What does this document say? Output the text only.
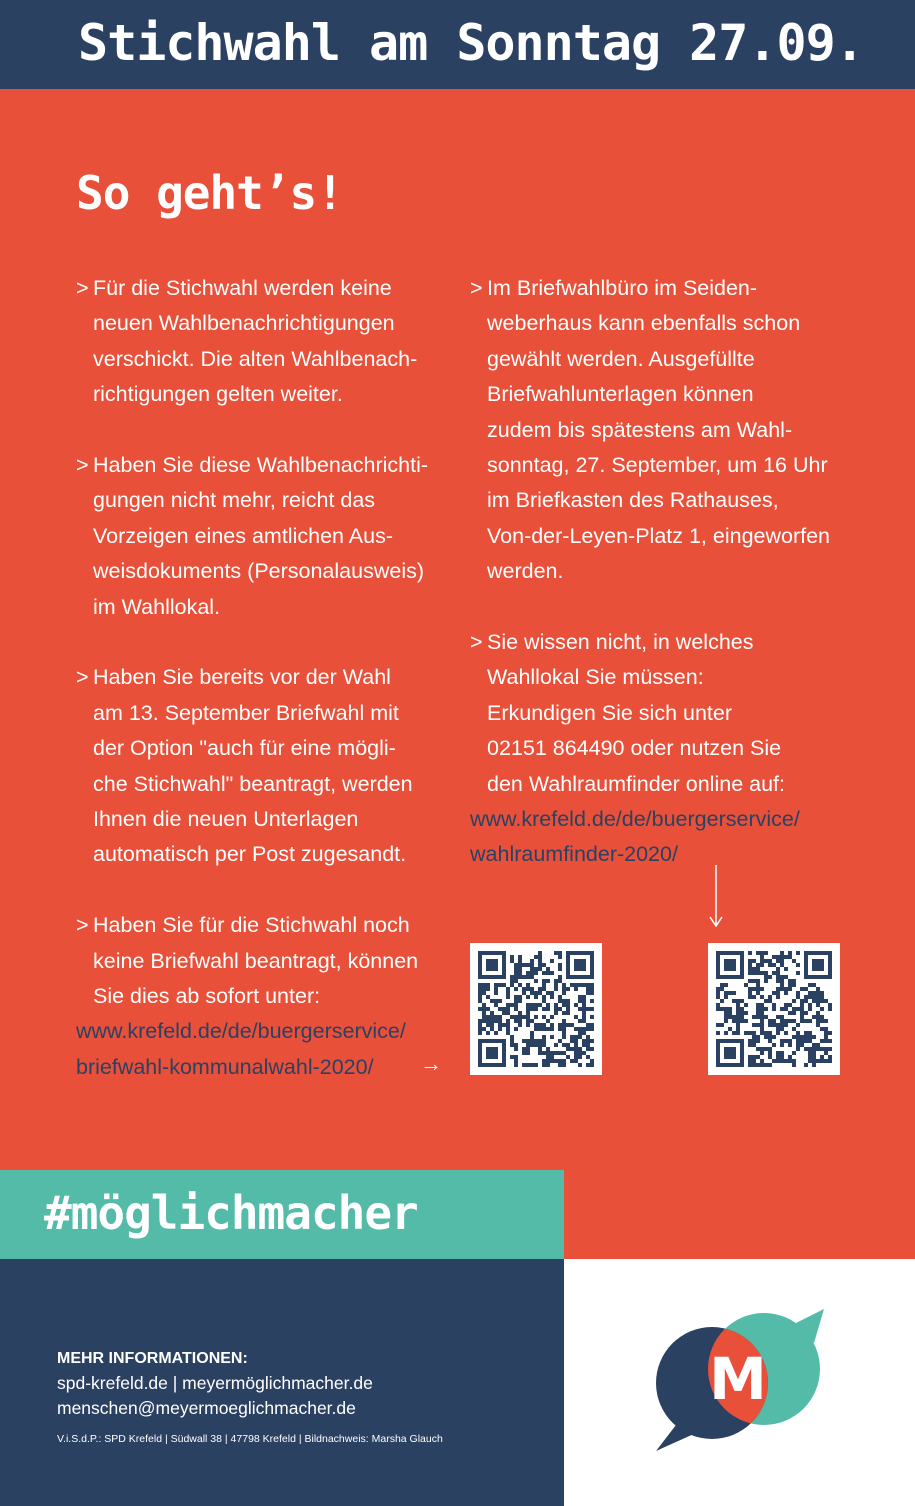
Stichwahl am Sonntag 27.09.
So geht’s!
> Für die Stichwahl werden keine
neuen Wahlbenachrichtigungen
verschickt. Die alten Wahlbenach-
richtigungen gelten weiter.

> Haben Sie diese Wahlbenachrichti-
gungen nicht mehr, reicht das
Vorzeigen eines amtlichen Aus-
weisdokuments (Personalausweis)
im Wahllokal.

> Haben Sie bereits vor der Wahl
am 13. September Briefwahl mit
der Option "auch für eine mögli-
che Stichwahl" beantragt, werden
Ihnen die neuen Unterlagen
automatisch per Post zugesandt.

> Haben Sie für die Stichwahl noch
keine Briefwahl beantragt, können
Sie dies ab sofort unter:

www.krefeld.de/de/buergerservice/
briefwahl-kommunalwahl-2020/	→
> Im Briefwahlbüro im Seiden-
weberhaus kann ebenfalls schon
gewählt werden. Ausgefüllte
Briefwahlunterlagen können
zudem bis spätestens am Wahl-
sonntag, 27. September, um 16 Uhr
im Briefkasten des Rathauses,
Von-der-Leyen-Platz 1, eingeworfen
werden.

> Sie wissen nicht, in welches
Wahllokal Sie müssen:
Erkundigen Sie sich unter
02151 864490 oder nutzen Sie
den Wahlraumfinder online auf:

www.krefeld.de/de/buergerservice/
wahlraumfinder-2020/
#möglichmacher
MEHR INFORMATIONEN:
spd-krefeld.de | meyermöglichmacher.de
menschen@meyermoeglichmacher.de
V.i.S.d.P.: SPD Krefeld | Südwall 38 | 47798 Krefeld | Bildnachweis: Marsha Glauch
M
